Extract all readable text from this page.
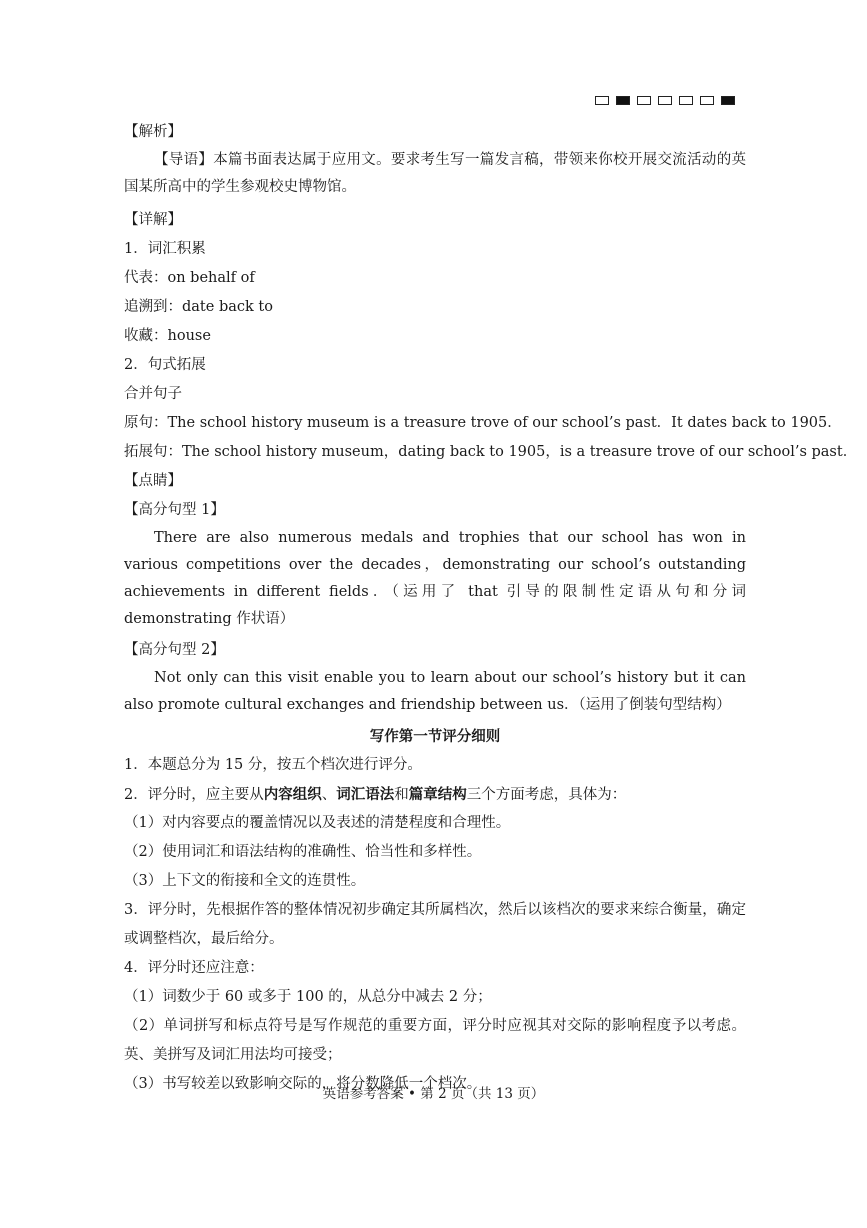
【解析】
【导语】本篇书面表达属于应用文。要求考生写一篇发言稿，带领来你校开展交流活动的英国某所高中的学生参观校史博物馆。
【详解】
1．词汇积累
代表：on behalf of
追溯到：date back to
收藏：house
2．句式拓展
合并句子
原句：The school history museum is a treasure trove of our school’s past．It dates back to 1905．
拓展句：The school history museum，dating back to 1905，is a treasure trove of our school’s past．
【点睛】
【高分句型 1】
There are also numerous medals and trophies that our school has won in various competitions over the decades，demonstrating our school’s outstanding achievements in different fields．（运用了 that 引导的限制性定语从句和分词 demonstrating 作状语）
【高分句型 2】
Not only can this visit enable you to learn about our school’s history but it can also promote cultural exchanges and friendship between us．（运用了倒装句型结构）
写作第一节评分细则
1．本题总分为 15 分，按五个档次进行评分。
2．评分时，应主要从内容组织、词汇语法和篇章结构三个方面考虑，具体为：
（1）对内容要点的覆盖情况以及表述的清楚程度和合理性。
（2）使用词汇和语法结构的准确性、恰当性和多样性。
（3）上下文的衔接和全文的连贯性。
3．评分时，先根据作答的整体情况初步确定其所属档次，然后以该档次的要求来综合衡量，确定或调整档次，最后给分。
4．评分时还应注意：
（1）词数少于 60 或多于 100 的，从总分中减去 2 分；
（2）单词拼写和标点符号是写作规范的重要方面，评分时应视其对交际的影响程度予以考虑。英、美拼写及词汇用法均可接受；
（3）书写较差以致影响交际的，将分数降低一个档次。
英语参考答案 • 第 2 页（共 13 页）
